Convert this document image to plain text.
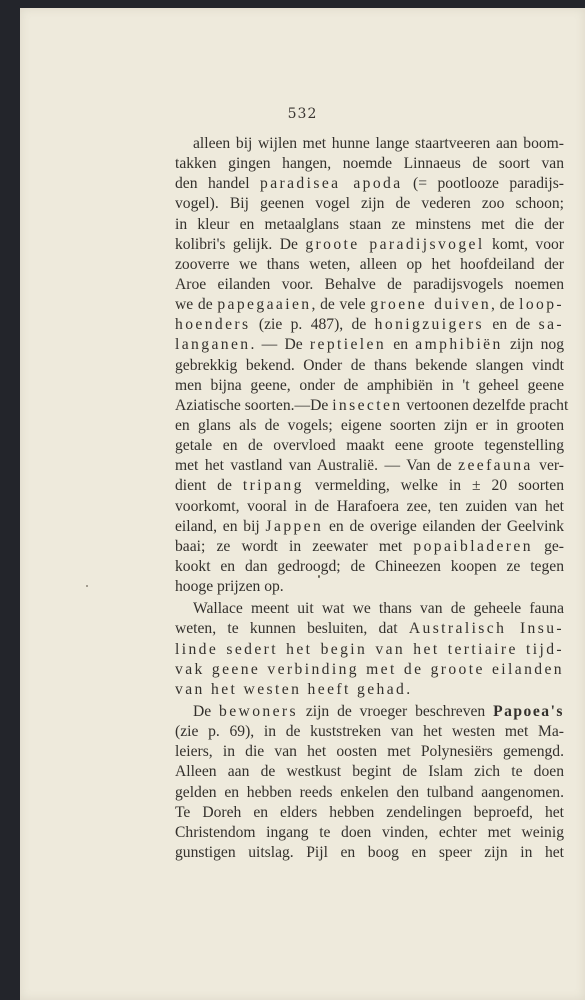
532
alleen bij wijlen met hunne lange staartveeren aan boom-
takken gingen hangen, noemde Linnaeus de soort van
den handel paradisea apoda (= pootlooze paradijs-
vogel). Bij geenen vogel zijn de vederen zoo schoon;
in kleur en metaalglans staan ze minstens met die der
kolibri's gelijk. De groote paradijsvogel komt, voor
zooverre we thans weten, alleen op het hoofdeiland der
Aroe eilanden voor. Behalve de paradijsvogels noemen
we de papegaaien, de vele groene duiven, de loop-
hoenders (zie p. 487), de honigzuigers en de sa-
langanen. — De reptielen en amphibiën zijn nog
gebrekkig bekend. Onder de thans bekende slangen vindt
men bijna geene, onder de amphibiën in 't geheel geene
Aziatische soorten.—De insecten vertoonen dezelfde pracht
en glans als de vogels; eigene soorten zijn er in grooten
getale en de overvloed maakt eene groote tegenstelling
met het vastland van Australië. — Van de zeefauna ver-
dient de tripang vermelding, welke in ± 20 soorten
voorkomt, vooral in de Harafoera zee, ten zuiden van het
eiland, en bij Jappen en de overige eilanden der Geelvink
baai; ze wordt in zeewater met popaibladeren ge-
kookt en dan gedroogd; de Chineezen koopen ze tegen
hooge prijzen op.
Wallace meent uit wat we thans van de geheele fauna
weten, te kunnen besluiten, dat Australisch Insu-
linde sedert het begin van het tertiaire tijd-
vak geene verbinding met de groote eilanden
van het westen heeft gehad.
De bewoners zijn de vroeger beschreven Papoea's
(zie p. 69), in de kuststreken van het westen met Ma-
leiers, in die van het oosten met Polynesiërs gemengd.
Alleen aan de westkust begint de Islam zich te doen
gelden en hebben reeds enkelen den tulband aangenomen.
Te Doreh en elders hebben zendelingen beproefd, het
Christendom ingang te doen vinden, echter met weinig
gunstigen uitslag. Pijl en boog en speer zijn in het
